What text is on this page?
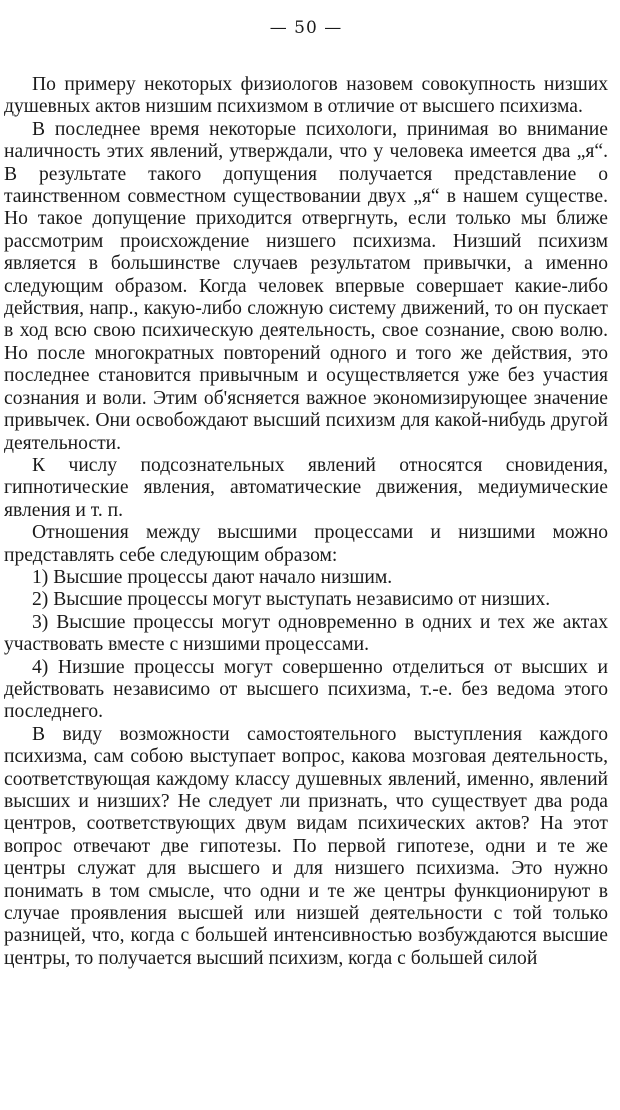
— 50 —

По примеру некоторых физиологов назовем совокупность низших душевных актов низшим психизмом в отличие от высшего психизма.

В последнее время некоторые психологи, принимая во внимание наличность этих явлений, утверждали, что у человека имеется два „я“. В результате такого допущения получается представление о таинственном совместном существовании двух „я“ в нашем существе. Но такое допущение приходится отвергнуть, если только мы ближе рассмотрим происхождение низшего психизма. Низший психизм является в большинстве случаев результатом привычки, а именно следующим образом. Когда человек впервые совершает какие-либо действия, напр., какую-либо сложную систему движений, то он пускает в ход всю свою психическую деятельность, свое сознание, свою волю. Но после многократных повторений одного и того же действия, это последнее становится привычным и осуществляется уже без участия сознания и воли. Этим об'ясняется важное экономизирующее значение привычек. Они освобождают высший психизм для какой-нибудь другой деятельности.

К числу подсознательных явлений относятся сновидения, гипнотические явления, автоматические движения, медиумические явления и т. п.

Отношения между высшими процессами и низшими можно представлять себе следующим образом:

1) Высшие процессы дают начало низшим.

2) Высшие процессы могут выступать независимо от низших.

3) Высшие процессы могут одновременно в одних и тех же актах участвовать вместе с низшими процессами.

4) Низшие процессы могут совершенно отделиться от высших и действовать независимо от высшего психизма, т.-е. без ведома этого последнего.

В виду возможности самостоятельного выступления каждого психизма, сам собою выступает вопрос, какова мозговая деятельность, соответствующая каждому классу душевных явлений, именно, явлений высших и низших? Не следует ли признать, что существует два рода центров, соответствующих двум видам психических актов? На этот вопрос отвечают две гипотезы. По первой гипотезе, одни и те же центры служат для высшего и для низшего психизма. Это нужно понимать в том смысле, что одни и те же центры функционируют в случае проявления высшей или низшей деятельности с той только разницей, что, когда с большей интенсивностью возбуждаются высшие центры, то получается высший психизм, когда с большей силой
